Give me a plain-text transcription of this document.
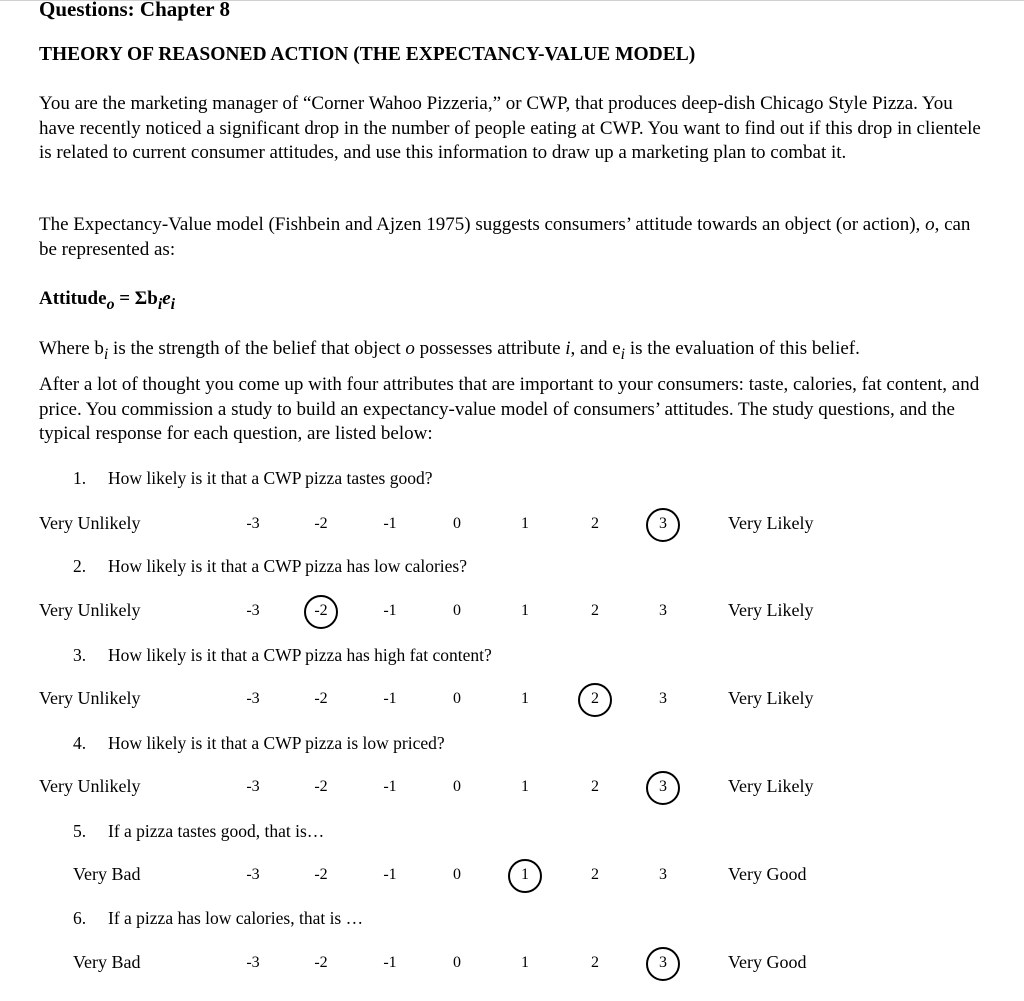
Questions: Chapter 8
THEORY OF REASONED ACTION (THE EXPECTANCY-VALUE MODEL)
You are the marketing manager of “Corner Wahoo Pizzeria,” or CWP, that produces deep-dish Chicago Style Pizza. You have recently noticed a significant drop in the number of people eating at CWP. You want to find out if this drop in clientele is related to current consumer attitudes, and use this information to draw up a marketing plan to combat it.
The Expectancy-Value model (Fishbein and Ajzen 1975) suggests consumers’ attitude towards an object (or action), o, can be represented as:
Attitude$_o$ = $\Sigma b_ie_i$
Where $b_i$ is the strength of the belief that object o possesses attribute i, and $e_i$ is the evaluation of this belief.
After a lot of thought you come up with four attributes that are important to your consumers: taste, calories, fat content, and price. You commission a study to build an expectancy-value model of consumers’ attitudes. The study questions, and the typical response for each question, are listed below:
1. How likely is it that a CWP pizza tastes good?
Very Unlikely	Very Likely
-3	-2	-1	0	1	2	3
2. How likely is it that a CWP pizza has low calories?
Very Unlikely	Very Likely
-3	-2	-1	0	1	2	3
3. How likely is it that a CWP pizza has high fat content?
Very Unlikely	Very Likely
-3	-2	-1	0	1	2	3
4. How likely is it that a CWP pizza is low priced?
Very Unlikely	Very Likely
-3	-2	-1	0	1	2	3
5. If a pizza tastes good, that is…
Very Bad	Very Good
-3	-2	-1	0	1	2	3
6. If a pizza has low calories, that is …
Very Bad	Very Good
-3	-2	-1	0	1	2	3
